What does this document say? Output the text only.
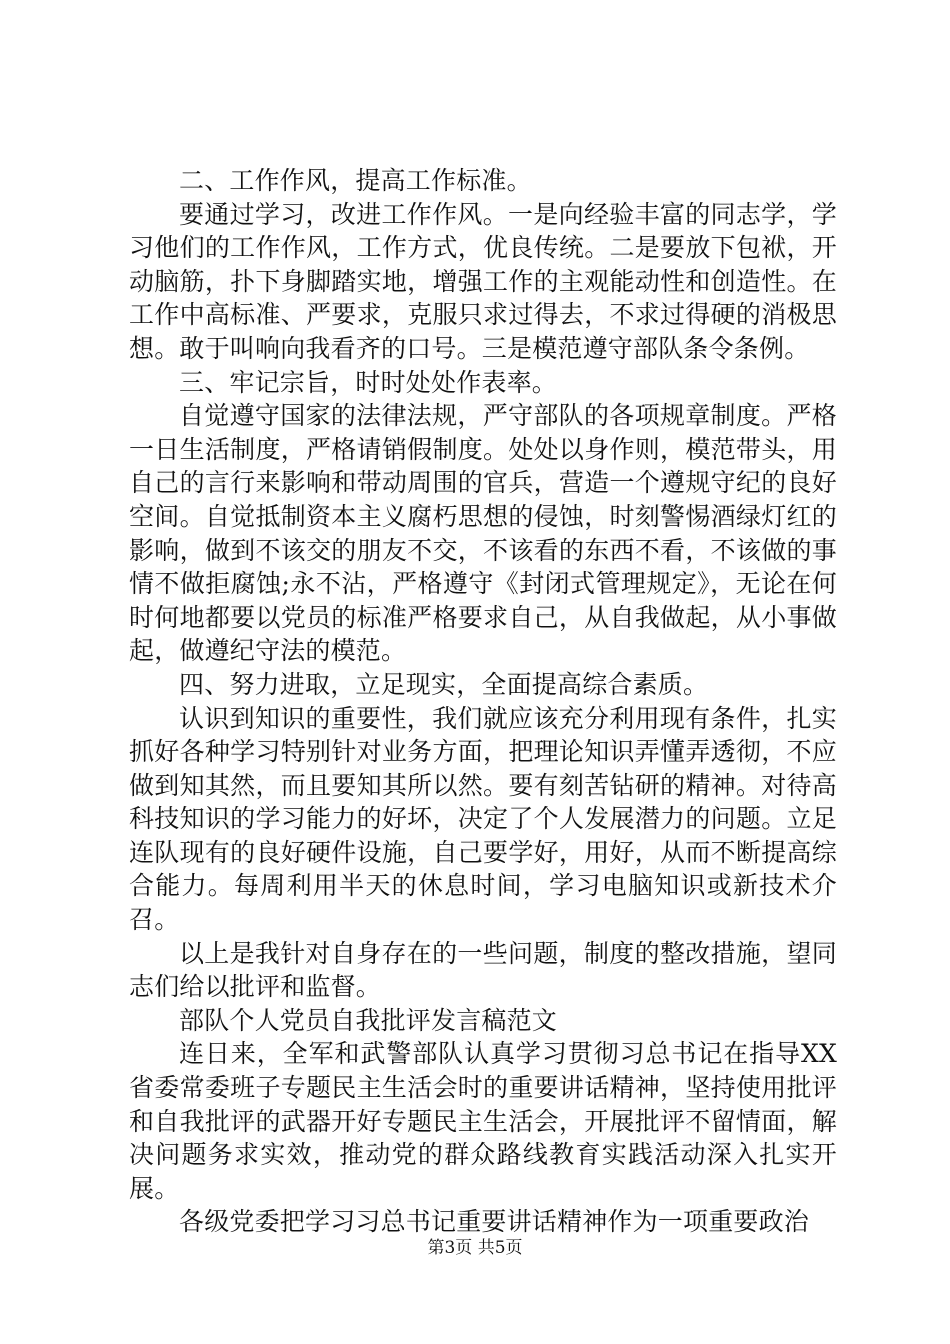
二、工作作风，提高工作标准。

要通过学习，改进工作作风。一是向经验丰富的同志学，学习他们的工作作风，工作方式，优良传统。二是要放下包袱，开动脑筋，扑下身脚踏实地，增强工作的主观能动性和创造性。在工作中高标准、严要求，克服只求过得去，不求过得硬的消极思想。敢于叫响向我看齐的口号。三是模范遵守部队条令条例。

三、牢记宗旨，时时处处作表率。

自觉遵守国家的法律法规，严守部队的各项规章制度。严格一日生活制度，严格请销假制度。处处以身作则，模范带头，用自己的言行来影响和带动周围的官兵，营造一个遵规守纪的良好空间。自觉抵制资本主义腐朽思想的侵蚀，时刻警惕酒绿灯红的影响，做到不该交的朋友不交，不该看的东西不看，不该做的事情不做拒腐蚀;永不沾，严格遵守《封闭式管理规定》，无论在何时何地都要以党员的标准严格要求自己，从自我做起，从小事做起，做遵纪守法的模范。

四、努力进取，立足现实，全面提高综合素质。

认识到知识的重要性，我们就应该充分利用现有条件，扎实抓好各种学习特别针对业务方面，把理论知识弄懂弄透彻，不应做到知其然，而且要知其所以然。要有刻苦钻研的精神。对待高科技知识的学习能力的好坏，决定了个人发展潜力的问题。立足连队现有的良好硬件设施，自己要学好，用好，从而不断提高综合能力。每周利用半天的休息时间，学习电脑知识或新技术介召。

以上是我针对自身存在的一些问题，制度的整改措施，望同志们给以批评和监督。

部队个人党员自我批评发言稿范文

连日来，全军和武警部队认真学习贯彻习总书记在指导XX省委常委班子专题民主生活会时的重要讲话精神，坚持使用批评和自我批评的武器开好专题民主生活会，开展批评不留情面，解决问题务求实效，推动党的群众路线教育实践活动深入扎实开展。

各级党委把学习习总书记重要讲话精神作为一项重要政治

第3页 共5页
